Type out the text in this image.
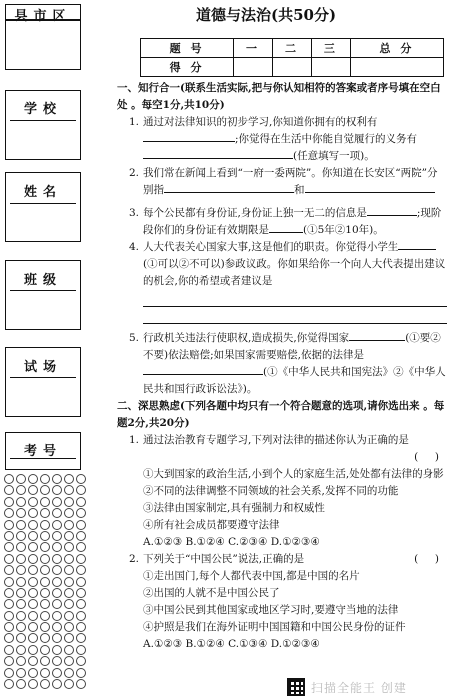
县市区
学校
姓名
班级
试场
考号
道德与法治(共50分)
题 号	一	二	三	总 分
得 分				
一、知行合一(联系生活实际,把与你认知相符的答案或者序号填在空白处 。每空1分,共10分)
1. 通过对法律知识的初步学习,你知道你拥有的权利有;你觉得在生活中你能自觉履行的义务有(任意填写一项)。
2. 我们常在新闻上看到“一府一委两院”。你知道在长安区“两院”分别指	和
3. 每个公民都有身份证,身份证上独一无二的信息是	;现阶段你们的身份证有效期限是	(①5年②10年)。
4. 人大代表关心国家大事,这是他们的职责。你觉得小学生(①可以②不可以)参政议政。你如果给你一个向人大代表提出建议的机会,你的希望或者建议是
5. 行政机关违法行使职权,造成损失,你觉得国家	(①要②不要)依法赔偿;如果国家需要赔偿,依据的法律是(①《中华人民共和国宪法》②《中华人民共和国行政诉讼法》)。
二、深思熟虑(下列各题中均只有一个符合题意的选项,请你选出来 。每题2分,共20分)
1. 通过法治教育专题学习,下列对法律的描述你认为正确的是
(     )
①大到国家的政治生活,小到个人的家庭生活,处处都有法律的身影
②不同的法律调整不同领域的社会关系,发挥不同的功能
③法律由国家制定,具有强制力和权威性
④所有社会成员都要遵守法律
A.①②③ B.①②④ C.②③④ D.①②③④
2. 下列关于“中国公民”说法,正确的是	(     )
①走出国门,每个人都代表中国,都是中国的名片
②出国的人就不是中国公民了
③中国公民到其他国家或地区学习时,要遵守当地的法律
④护照是我们在海外证明中国国籍和中国公民身份的证件
A.①②③ B.①②④ C.①③④ D.①②③④
扫描全能王 创建
